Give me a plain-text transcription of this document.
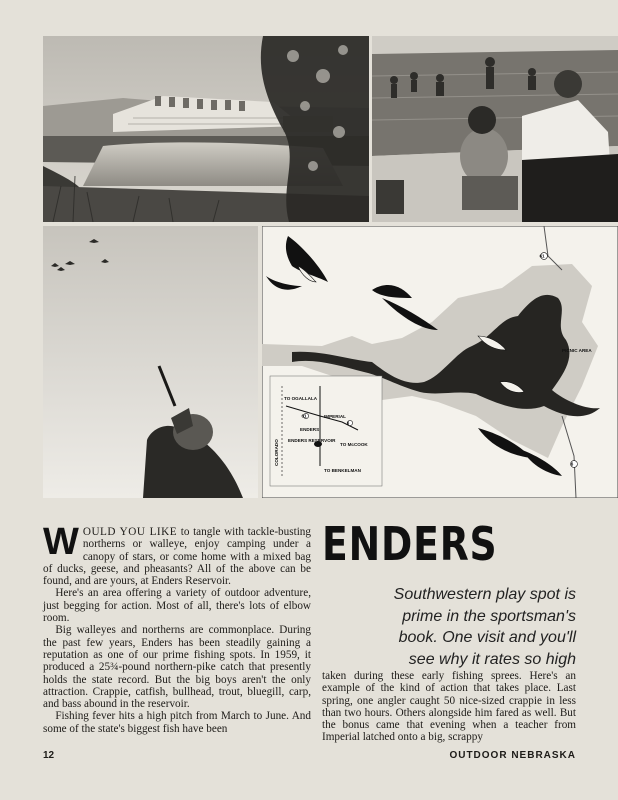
PICNIC AREA
TO OGALLALA
IMPERIAL
ENDERS
ENDERS RESERVOIR
TO McCOOK
TO BENKELMAN
COLORADO
61
6
61
6

WOULD YOU LIKE to tangle with tackle-busting northerns or walleye, enjoy camping under a canopy of stars, or come home with a mixed bag of ducks, geese, and pheasants? All of the above can be found, and are yours, at Enders Reservoir.

Here's an area offering a variety of outdoor adventure, just begging for action. Most of all, there's lots of elbow room.

Big walleyes and northerns are commonplace. During the past few years, Enders has been steadily gaining a reputation as one of our prime fishing spots. In 1959, it produced a 25¾-pound northern-pike catch that presently holds the state record. But the big boys aren't the only attraction. Crappie, catfish, bullhead, trout, bluegill, carp, and bass abound in the reservoir.

Fishing fever hits a high pitch from March to June. And some of the state's biggest fish have been

ENDERS

Southwestern play spot is prime in the sportsman's book. One visit and you'll see why it rates so high

taken during these early fishing sprees. Here's an example of the kind of action that takes place. Last spring, one angler caught 50 nice-sized crappie in less than two hours. Others alongside him fared as well. But the bonus came that evening when a teacher from Imperial latched onto a big, scrappy

12	OUTDOOR NEBRASKA
